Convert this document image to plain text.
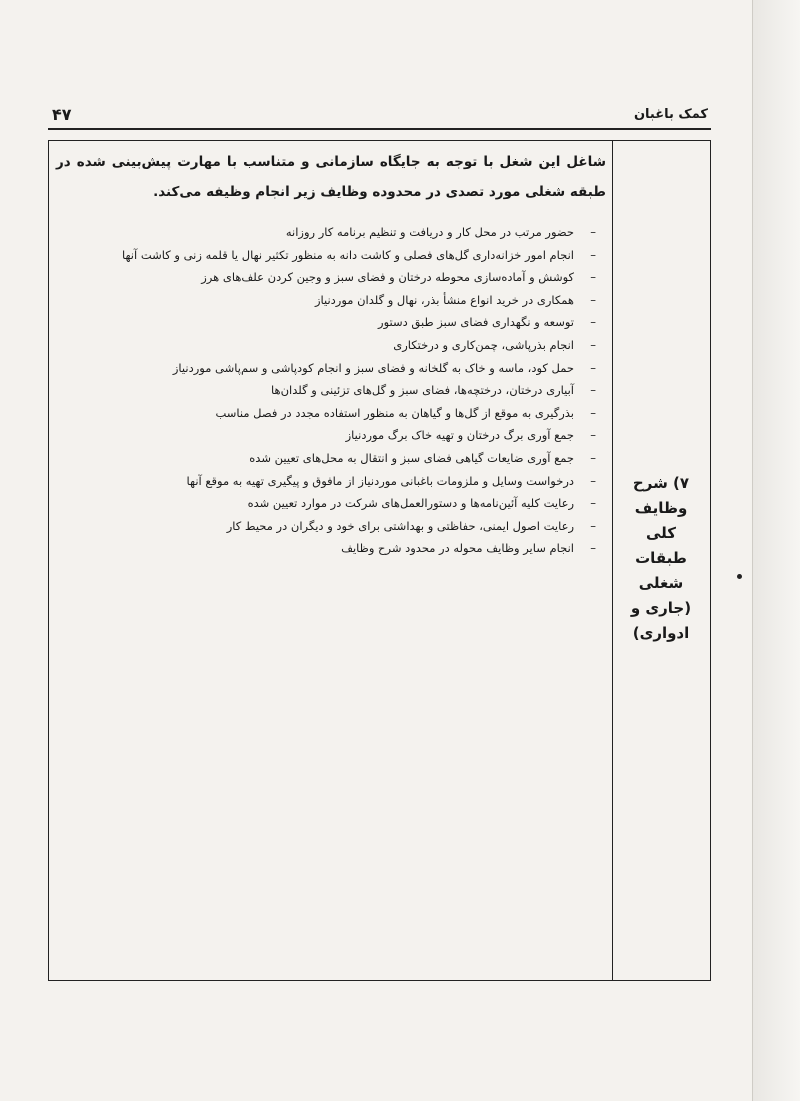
۴۷	کمک باغبان
۷) شرح
وظایف
کلی
طبقات
شغلی
(جاری و
ادواری)
شاغل این شغل با توجه به جایگاه سازمانی و متناسب با مهارت پیش‌بینی شده در طبقه شغلی مورد تصدی در محدوده وظایف زیر انجام وظیفه می‌کند.
–حضور مرتب در محل کار و دریافت و تنظیم برنامه کار روزانه
–انجام امور خزانه‌داری گل‌های فصلی و کاشت دانه به منظور تکثیر نهال یا قلمه زنی و کاشت آنها
–کوشش و آماده‌سازی محوطه درختان و فضای سبز و وجین کردن علف‌های هرز
–همکاری در خرید انواع منشأ بذر، نهال و گلدان موردنیاز
–توسعه و نگهداری فضای سبز طبق دستور
–انجام بذرپاشی، چمن‌کاری و درختکاری
–حمل کود، ماسه و خاک به گلخانه و فضای سبز و انجام کودپاشی و سم‌پاشی موردنیاز
–آبیاری درختان، درختچه‌ها، فضای سبز و گل‌های تزئینی و گلدان‌ها
–بذرگیری به موقع از گل‌ها و گیاهان به منظور استفاده مجدد در فصل مناسب
–جمع آوری برگ درختان و تهیه خاک برگ موردنیاز
–جمع آوری ضایعات گیاهی فضای سبز و انتقال به محل‌های تعیین شده
–درخواست وسایل و ملزومات باغبانی موردنیاز از مافوق و پیگیری تهیه به موقع آنها
–رعایت کلیه آئین‌نامه‌ها و دستورالعمل‌های شرکت در موارد تعیین شده
–رعایت اصول ایمنی، حفاظتی و بهداشتی برای خود و دیگران در محیط کار
–انجام سایر وظایف محوله در محدود شرح وظایف
